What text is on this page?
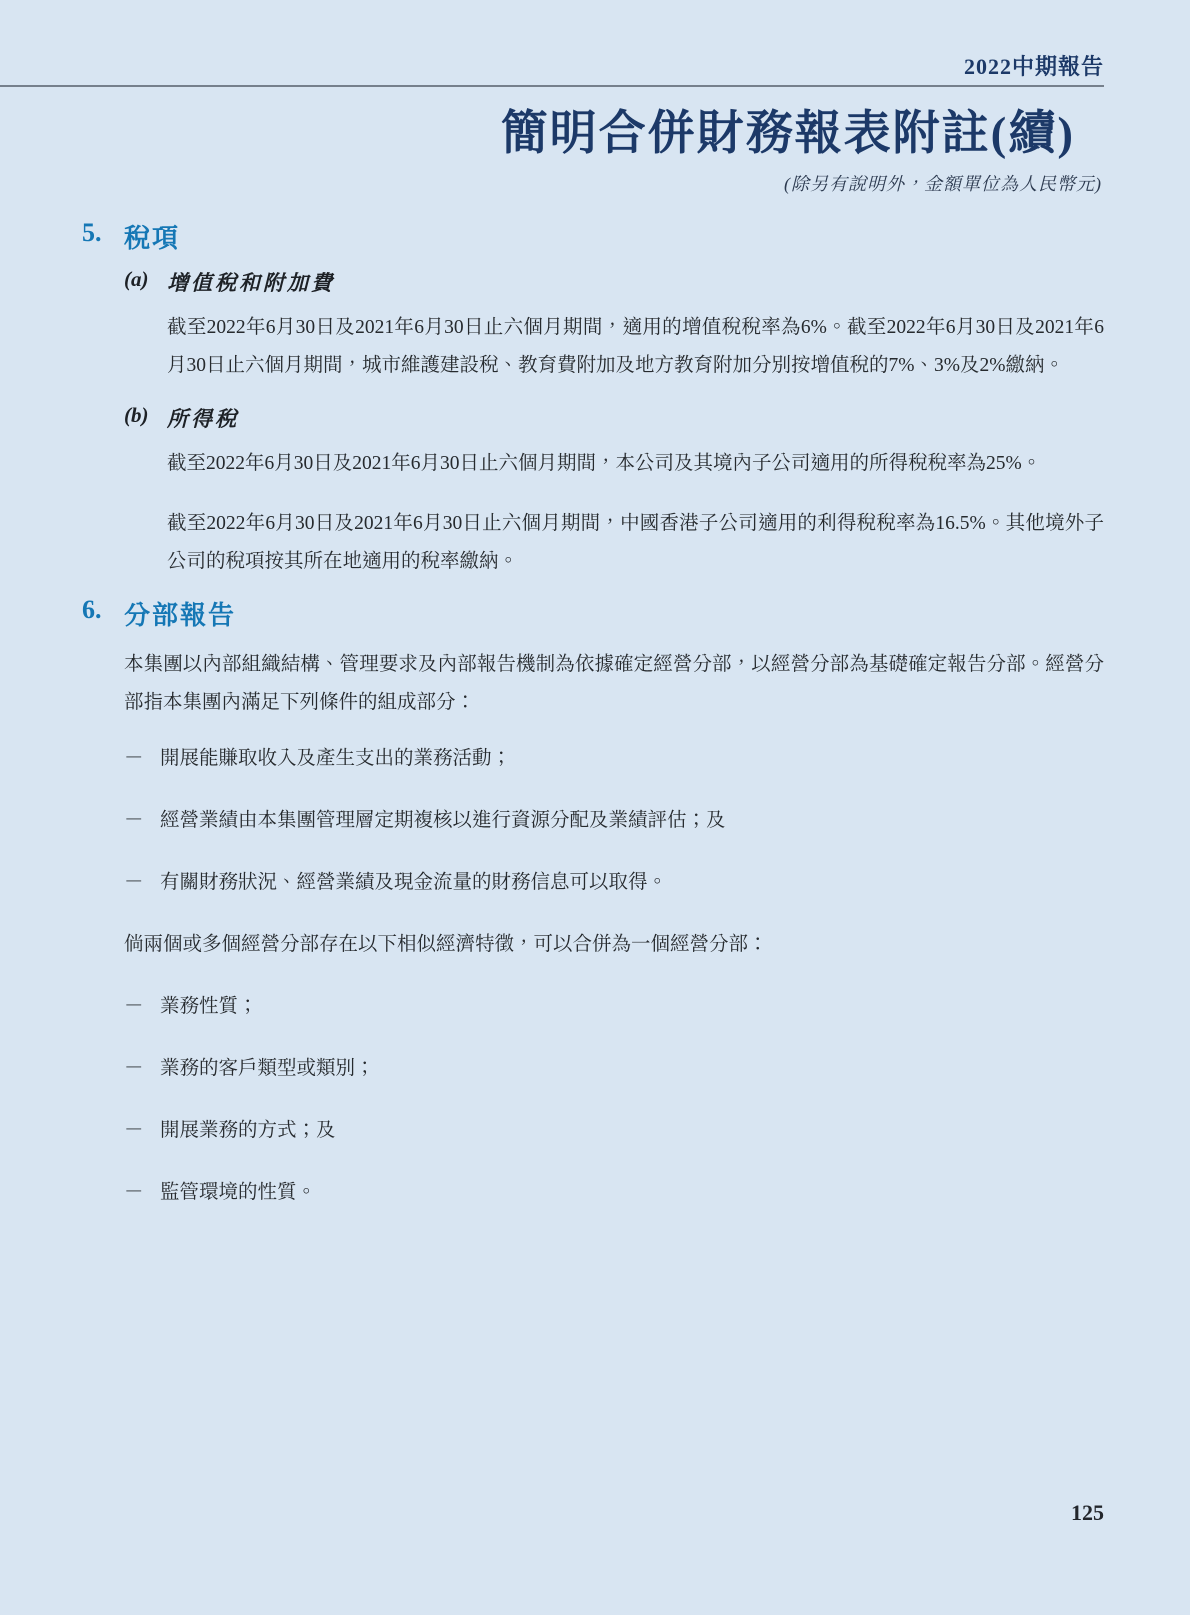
2022中期報告
簡明合併財務報表附註(續)
(除另有說明外，金額單位為人民幣元)
5. 稅項
(a) 增值稅和附加費

截至2022年6月30日及2021年6月30日止六個月期間，適用的增值稅稅率為6%。截至2022年6月30日及2021年6月30日止六個月期間，城市維護建設稅、教育費附加及地方教育附加分別按增值稅的7%、3%及2%繳納。

(b) 所得稅

截至2022年6月30日及2021年6月30日止六個月期間，本公司及其境內子公司適用的所得稅稅率為25%。

截至2022年6月30日及2021年6月30日止六個月期間，中國香港子公司適用的利得稅稅率為16.5%。其他境外子公司的稅項按其所在地適用的稅率繳納。

6. 分部報告

本集團以內部組織結構、管理要求及內部報告機制為依據確定經營分部，以經營分部為基礎確定報告分部。經營分部指本集團內滿足下列條件的組成部分：

－ 開展能賺取收入及產生支出的業務活動；
－ 經營業績由本集團管理層定期複核以進行資源分配及業績評估；及
－ 有關財務狀況、經營業績及現金流量的財務信息可以取得。

倘兩個或多個經營分部存在以下相似經濟特徵，可以合併為一個經營分部：

－ 業務性質；
－ 業務的客戶類型或類別；
－ 開展業務的方式；及
－ 監管環境的性質。
125
